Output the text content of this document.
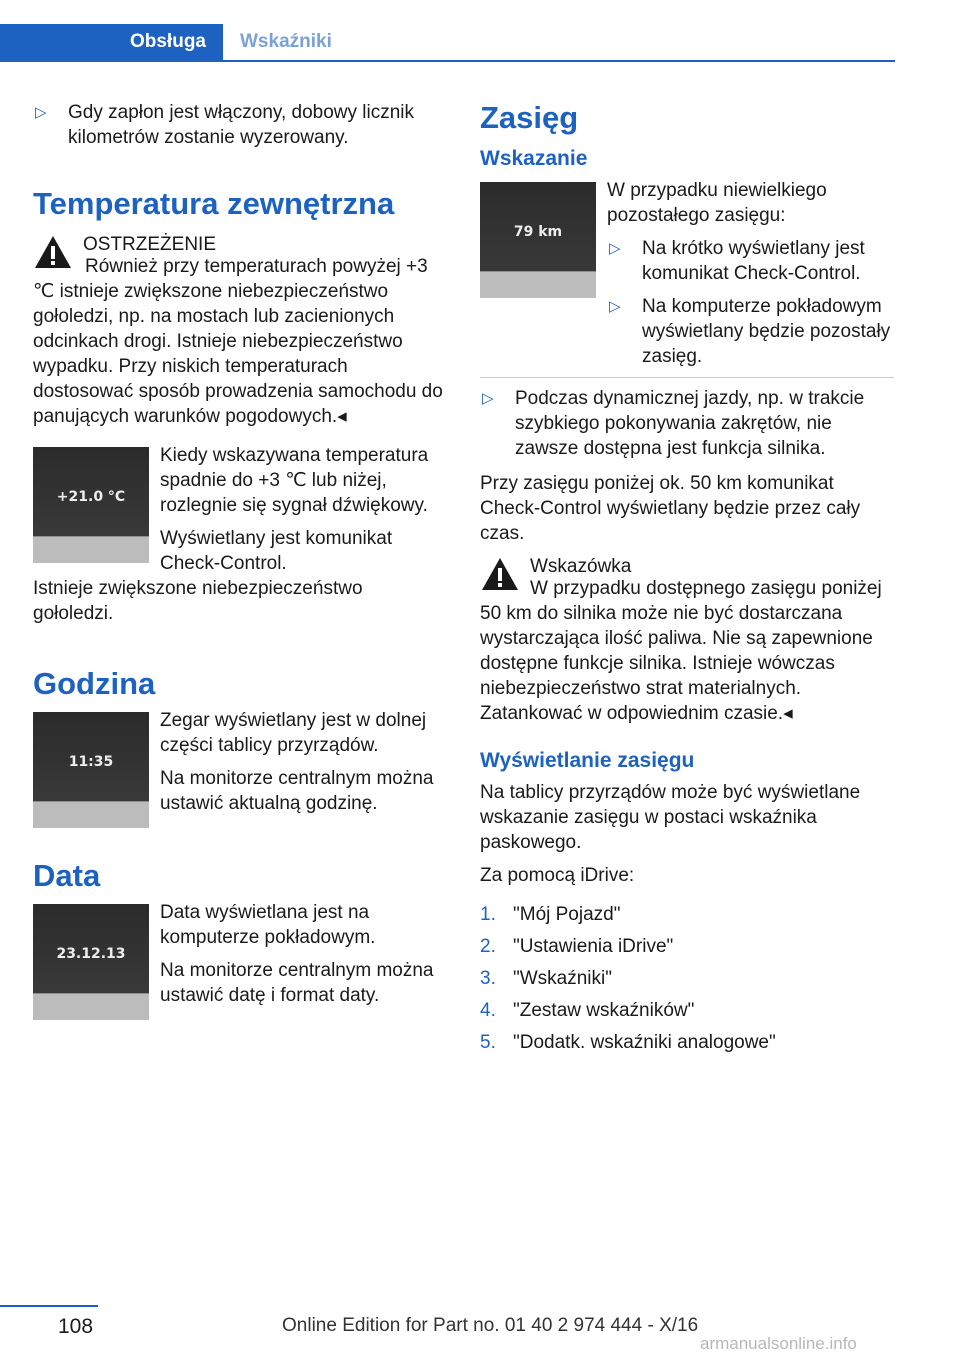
Obsługa	Wskaźniki
▷	Gdy zapłon jest włączony, dobowy licznik kilometrów zostanie wyzerowany.
Temperatura zewnętrzna
OSTRZEŻENIE

Również przy temperaturach powyżej +3 ℃ istnieje zwiększone niebezpieczeństwo gołoledzi, np. na mostach lub zacienionych odcinkach drogi. Istnieje niebezpieczeństwo wypadku. Przy niskich temperaturach dostosować sposób prowadzenia samochodu do panujących warunków pogodowych.◂

+21.0 °C

Kiedy wskazywana temperatura spadnie do +3 ℃ lub niżej, rozlegnie się sygnał dźwiękowy.

Wyświetlany jest komunikat Check-Control.

Istnieje zwiększone niebezpieczeństwo gołoledzi.

Godzina
11:35

Zegar wyświetlany jest w dolnej części tablicy przyrządów.

Na monitorze centralnym można ustawić aktualną godzinę.

Data
23.12.13

Data wyświetlana jest na komputerze pokładowym.

Na monitorze centralnym można ustawić datę i format daty.

Zasięg
Wskazanie
79 km

W przypadku niewielkiego pozostałego zasięgu:

▷	Na krótko wyświetlany jest komunikat Check-Control.
▷	Na komputerze pokładowym wyświetlany będzie pozostały zasięg.
▷	Podczas dynamicznej jazdy, np. w trakcie szybkiego pokonywania zakrętów, nie zawsze dostępna jest funkcja silnika.

Przy zasięgu poniżej ok. 50 km komunikat Check-Control wyświetlany będzie przez cały czas.

Wskazówka

W przypadku dostępnego zasięgu poniżej 50 km do silnika może nie być dostarczana wystarczająca ilość paliwa. Nie są zapewnione dostępne funkcje silnika. Istnieje wówczas niebezpieczeństwo strat materialnych. Zatankować w odpowiednim czasie.◂

Wyświetlanie zasięgu

Na tablicy przyrządów może być wyświetlane wskazanie zasięgu w postaci wskaźnika paskowego.

Za pomocą iDrive:

1. "Mój Pojazd"
2. "Ustawienia iDrive"
3. "Wskaźniki"
4. "Zestaw wskaźników"
5. "Dodatk. wskaźniki analogowe"
108	Online Edition for Part no. 01 40 2 974 444 - X/16
armanualsonline.info
